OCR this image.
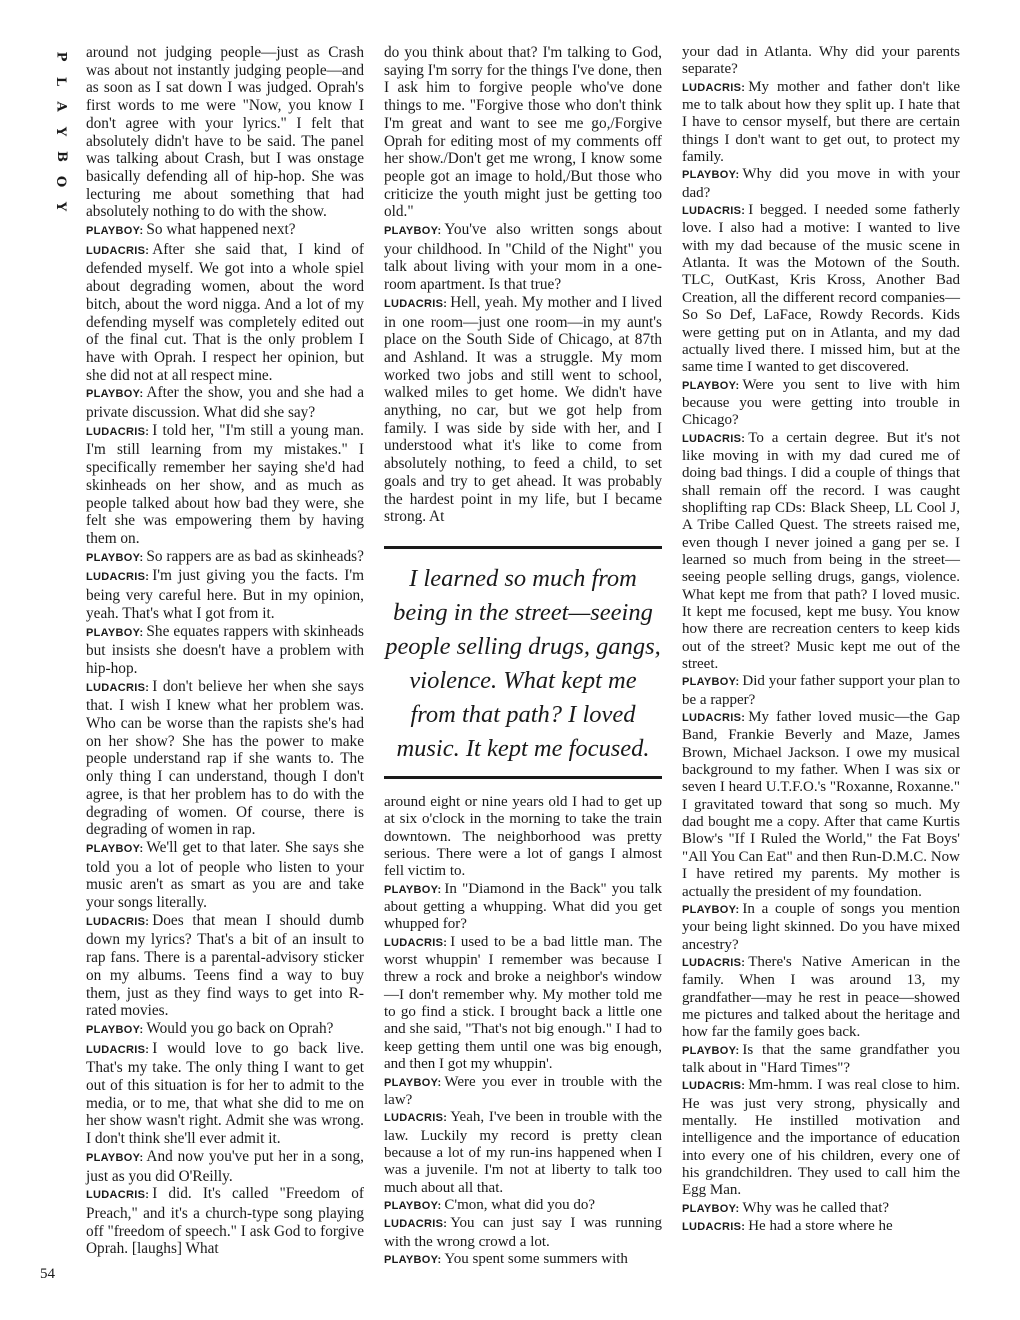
P
L
A
Y
B
O
Y
54

around not judging people—just as Crash was about not instantly judging people—and as soon as I sat down I was judged. Oprah's first words to me were "Now, you know I don't agree with your lyrics." I felt that absolutely didn't have to be said. The panel was talking about Crash, but I was onstage basically defending all of hip-hop. She was lecturing me about something that had absolutely nothing to do with the show.

PLAYBOY: So what happened next?

LUDACRIS: After she said that, I kind of defended myself. We got into a whole spiel about degrading women, about the word bitch, about the word nigga. And a lot of my defending myself was completely edited out of the final cut. That is the only problem I have with Oprah. I respect her opinion, but she did not at all respect mine.

PLAYBOY: After the show, you and she had a private discussion. What did she say?

LUDACRIS: I told her, "I'm still a young man. I'm still learning from my mistakes." I specifically remember her saying she'd had skinheads on her show, and as much as people talked about how bad they were, she felt she was empowering them by having them on.

PLAYBOY: So rappers are as bad as skinheads?

LUDACRIS: I'm just giving you the facts. I'm being very careful here. But in my opinion, yeah. That's what I got from it.

PLAYBOY: She equates rappers with skinheads but insists she doesn't have a problem with hip-hop.

LUDACRIS: I don't believe her when she says that. I wish I knew what her problem was. Who can be worse than the rapists she's had on her show? She has the power to make people understand rap if she wants to. The only thing I can understand, though I don't agree, is that her problem has to do with the degrading of women. Of course, there is degrading of women in rap.

PLAYBOY: We'll get to that later. She says she told you a lot of people who listen to your music aren't as smart as you are and take your songs literally.

LUDACRIS: Does that mean I should dumb down my lyrics? That's a bit of an insult to rap fans. There is a parental-advisory sticker on my albums. Teens find a way to buy them, just as they find ways to get into R-rated movies.

PLAYBOY: Would you go back on Oprah?

LUDACRIS: I would love to go back live. That's my take. The only thing I want to get out of this situation is for her to admit to the media, or to me, that what she did to me on her show wasn't right. Admit she was wrong. I don't think she'll ever admit it.

PLAYBOY: And now you've put her in a song, just as you did O'Reilly.

LUDACRIS: I did. It's called "Freedom of Preach," and it's a church-type song playing off "freedom of speech." I ask God to forgive Oprah. [laughs] What

do you think about that? I'm talking to God, saying I'm sorry for the things I've done, then I ask him to forgive people who've done things to me. "Forgive those who don't think I'm great and want to see me go,/Forgive Oprah for editing most of my comments off her show./Don't get me wrong, I know some people got an image to hold,/But those who criticize the youth might just be getting too old."

PLAYBOY: You've also written songs about your childhood. In "Child of the Night" you talk about living with your mom in a one-room apartment. Is that true?

LUDACRIS: Hell, yeah. My mother and I lived in one room—just one room—in my aunt's place on the South Side of Chicago, at 87th and Ashland. It was a struggle. My mom worked two jobs and still went to school, walked miles to get home. We didn't have anything, no car, but we got help from family. I was side by side with her, and I understood what it's like to come from absolutely nothing, to feed a child, to set goals and try to get ahead. It was probably the hardest point in my life, but I became strong. At

I learned so much from being in the street—seeing people selling drugs, gangs, violence. What kept me from that path? I loved music. It kept me focused.

around eight or nine years old I had to get up at six o'clock in the morning to take the train downtown. The neighborhood was pretty serious. There were a lot of gangs I almost fell victim to.

PLAYBOY: In "Diamond in the Back" you talk about getting a whupping. What did you get whupped for?

LUDACRIS: I used to be a bad little man. The worst whuppin' I remember was because I threw a rock and broke a neighbor's window—I don't remember why. My mother told me to go find a stick. I brought back a little one and she said, "That's not big enough." I had to keep getting them until one was big enough, and then I got my whuppin'.

PLAYBOY: Were you ever in trouble with the law?

LUDACRIS: Yeah, I've been in trouble with the law. Luckily my record is pretty clean because a lot of my run-ins happened when I was a juvenile. I'm not at liberty to talk too much about all that.

PLAYBOY: C'mon, what did you do?

LUDACRIS: You can just say I was running with the wrong crowd a lot.

PLAYBOY: You spent some summers with

your dad in Atlanta. Why did your parents separate?

LUDACRIS: My mother and father don't like me to talk about how they split up. I hate that I have to censor myself, but there are certain things I don't want to get out, to protect my family.

PLAYBOY: Why did you move in with your dad?

LUDACRIS: I begged. I needed some fatherly love. I also had a motive: I wanted to live with my dad because of the music scene in Atlanta. It was the Motown of the South. TLC, OutKast, Kris Kross, Another Bad Creation, all the different record companies—So So Def, LaFace, Rowdy Records. Kids were getting put on in Atlanta, and my dad actually lived there. I missed him, but at the same time I wanted to get discovered.

PLAYBOY: Were you sent to live with him because you were getting into trouble in Chicago?

LUDACRIS: To a certain degree. But it's not like moving in with my dad cured me of doing bad things. I did a couple of things that shall remain off the record. I was caught shoplifting rap CDs: Black Sheep, LL Cool J, A Tribe Called Quest. The streets raised me, even though I never joined a gang per se. I learned so much from being in the street—seeing people selling drugs, gangs, violence. What kept me from that path? I loved music. It kept me focused, kept me busy. You know how there are recreation centers to keep kids out of the street? Music kept me out of the street.

PLAYBOY: Did your father support your plan to be a rapper?

LUDACRIS: My father loved music—the Gap Band, Frankie Beverly and Maze, James Brown, Michael Jackson. I owe my musical background to my father. When I was six or seven I heard U.T.F.O.'s "Roxanne, Roxanne." I gravitated toward that song so much. My dad bought me a copy. After that came Kurtis Blow's "If I Ruled the World," the Fat Boys' "All You Can Eat" and then Run-D.M.C. Now I have retired my parents. My mother is actually the president of my foundation.

PLAYBOY: In a couple of songs you mention your being light skinned. Do you have mixed ancestry?

LUDACRIS: There's Native American in the family. When I was around 13, my grandfather—may he rest in peace—showed me pictures and talked about the heritage and how far the family goes back.

PLAYBOY: Is that the same grandfather you talk about in "Hard Times"?

LUDACRIS: Mm-hmm. I was real close to him. He was just very strong, physically and mentally. He instilled motivation and intelligence and the importance of education into every one of his children, every one of his grandchildren. They used to call him the Egg Man.

PLAYBOY: Why was he called that?

LUDACRIS: He had a store where he
